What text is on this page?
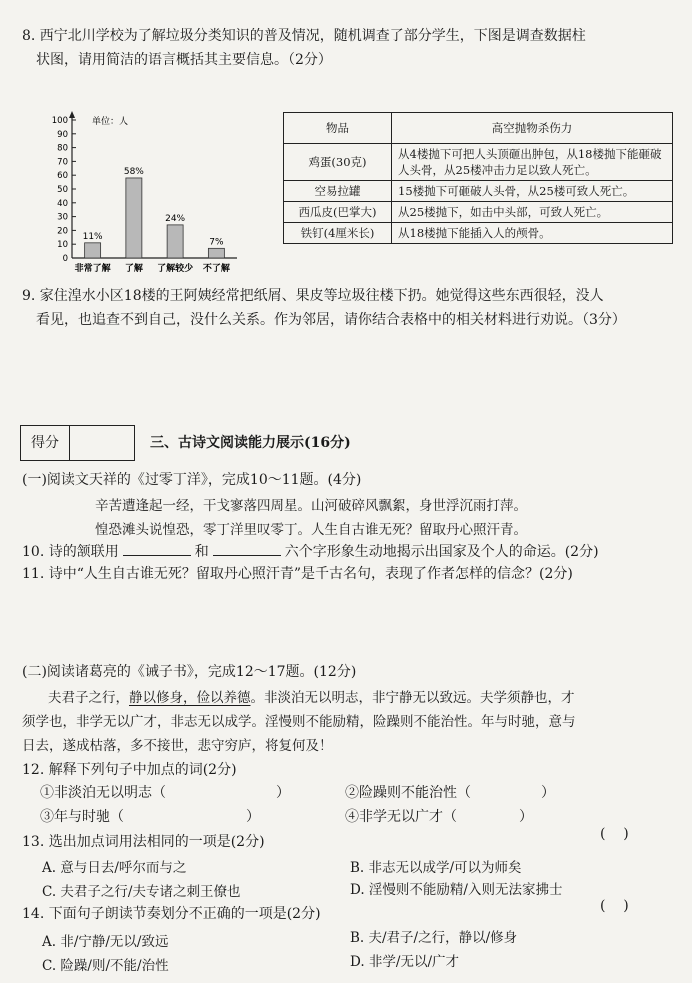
8. 西宁北川学校为了解垃圾分类知识的普及情况，随机调查了部分学生，下图是调查数据柱
状图，请用简洁的语言概括其主要信息。（2分）
0
10
20
30
40
50
60
70
80
90
100	单位：人
11%
非常了解
58%
了解
24%
了解较少
7%
不了解
物品	高空抛物杀伤力
鸡蛋(30克)	从4楼抛下可把人头顶砸出肿包，从18楼抛下能砸破人头骨，从25楼冲击力足以致人死亡。
空易拉罐	15楼抛下可砸破人头骨，从25楼可致人死亡。
西瓜皮(巴掌大)	从25楼抛下，如击中头部，可致人死亡。
铁钉(4厘米长)	从18楼抛下能插入人的颅骨。
9. 家住湟水小区18楼的王阿姨经常把纸屑、果皮等垃圾往楼下扔。她觉得这些东西很轻，没人
看见，也追查不到自己，没什么关系。作为邻居，请你结合表格中的相关材料进行劝说。（3分）
得分	三、古诗文阅读能力展示(16分)
(一)阅读文天祥的《过零丁洋》，完成10～11题。(4分)
辛苦遭逢起一经，干戈寥落四周星。山河破碎风飘絮，身世浮沉雨打萍。
惶恐滩头说惶恐，零丁洋里叹零丁。人生自古谁无死？留取丹心照汗青。
10. 诗的颔联用	和	六个字形象生动地揭示出国家及个人的命运。(2分)
11. 诗中“人生自古谁无死？留取丹心照汗青”是千古名句，表现了作者怎样的信念？(2分)
(二)阅读诸葛亮的《诫子书》，完成12～17题。(12分)
夫君子之行，静以修身，俭以养德。非淡泊无以明志，非宁静无以致远。夫学须静也，才
须学也，非学无以广才，非志无以成学。淫慢则不能励精，险躁则不能治性。年与时驰，意与
日去，遂成枯落，多不接世，悲守穷庐，将复何及！
12. 解释下列句子中加点的词(2分)
①非淡泊无以明志（	）	②险躁则不能治性（	）
③年与时驰（	）	④非学无以广才（	）
13. 选出加点词用法相同的一项是(2分)	(    )
A. 意与日去/呼尔而与之	B. 非志无以成学/可以为师矣
C. 夫君子之行/夫专诸之刺王僚也	D. 淫慢则不能励精/入则无法家拂士
14. 下面句子朗读节奏划分不正确的一项是(2分)	(    )
A. 非/宁静/无以/致远	B. 夫/君子/之行，静以/修身
C. 险躁/则/不能/治性	D. 非学/无以/广才
